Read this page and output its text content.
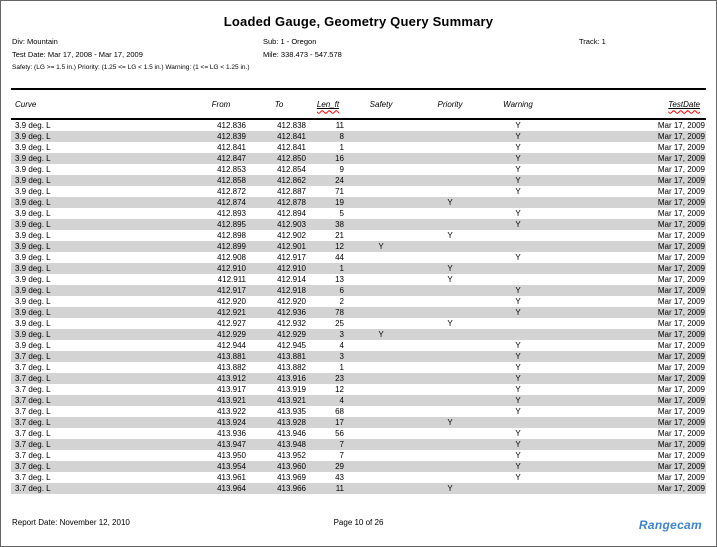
Loaded Gauge, Geometry Query Summary
Div: Mountain	Sub: 1 - Oregon	Track: 1
Test Date: Mar 17, 2008 - Mar 17, 2009	Mile: 338.473 - 547.578
Safety: (LG >= 1.5 in.) Priority: (1.25 <= LG < 1.5 in.) Warning: (1 <= LG < 1.25 in.)
Curve	From	To	Len_ft	Safety	Priority	Warning	TestDate
3.9 deg. L	412.836	412.838	11			Y	Mar 17, 2009
3.9 deg. L	412.839	412.841	8			Y	Mar 17, 2009
3.9 deg. L	412.841	412.841	1			Y	Mar 17, 2009
3.9 deg. L	412.847	412.850	16			Y	Mar 17, 2009
3.9 deg. L	412.853	412.854	9			Y	Mar 17, 2009
3.9 deg. L	412.858	412.862	24			Y	Mar 17, 2009
3.9 deg. L	412.872	412.887	71			Y	Mar 17, 2009
3.9 deg. L	412.874	412.878	19		Y		Mar 17, 2009
3.9 deg. L	412.893	412.894	5			Y	Mar 17, 2009
3.9 deg. L	412.895	412.903	38			Y	Mar 17, 2009
3.9 deg. L	412.898	412.902	21		Y		Mar 17, 2009
3.9 deg. L	412.899	412.901	12	Y			Mar 17, 2009
3.9 deg. L	412.908	412.917	44			Y	Mar 17, 2009
3.9 deg. L	412.910	412.910	1		Y		Mar 17, 2009
3.9 deg. L	412.911	412.914	13		Y		Mar 17, 2009
3.9 deg. L	412.917	412.918	6			Y	Mar 17, 2009
3.9 deg. L	412.920	412.920	2			Y	Mar 17, 2009
3.9 deg. L	412.921	412.936	78			Y	Mar 17, 2009
3.9 deg. L	412.927	412.932	25		Y		Mar 17, 2009
3.9 deg. L	412.929	412.929	3	Y			Mar 17, 2009
3.9 deg. L	412.944	412.945	4			Y	Mar 17, 2009
3.7 deg. L	413.881	413.881	3			Y	Mar 17, 2009
3.7 deg. L	413.882	413.882	1			Y	Mar 17, 2009
3.7 deg. L	413.912	413.916	23			Y	Mar 17, 2009
3.7 deg. L	413.917	413.919	12			Y	Mar 17, 2009
3.7 deg. L	413.921	413.921	4			Y	Mar 17, 2009
3.7 deg. L	413.922	413.935	68			Y	Mar 17, 2009
3.7 deg. L	413.924	413.928	17		Y		Mar 17, 2009
3.7 deg. L	413.936	413.946	56			Y	Mar 17, 2009
3.7 deg. L	413.947	413.948	7			Y	Mar 17, 2009
3.7 deg. L	413.950	413.952	7			Y	Mar 17, 2009
3.7 deg. L	413.954	413.960	29			Y	Mar 17, 2009
3.7 deg. L	413.961	413.969	43			Y	Mar 17, 2009
3.7 deg. L	413.964	413.966	11		Y		Mar 17, 2009
Report Date: November 12, 2010	Page 10 of 26	Rangecam
